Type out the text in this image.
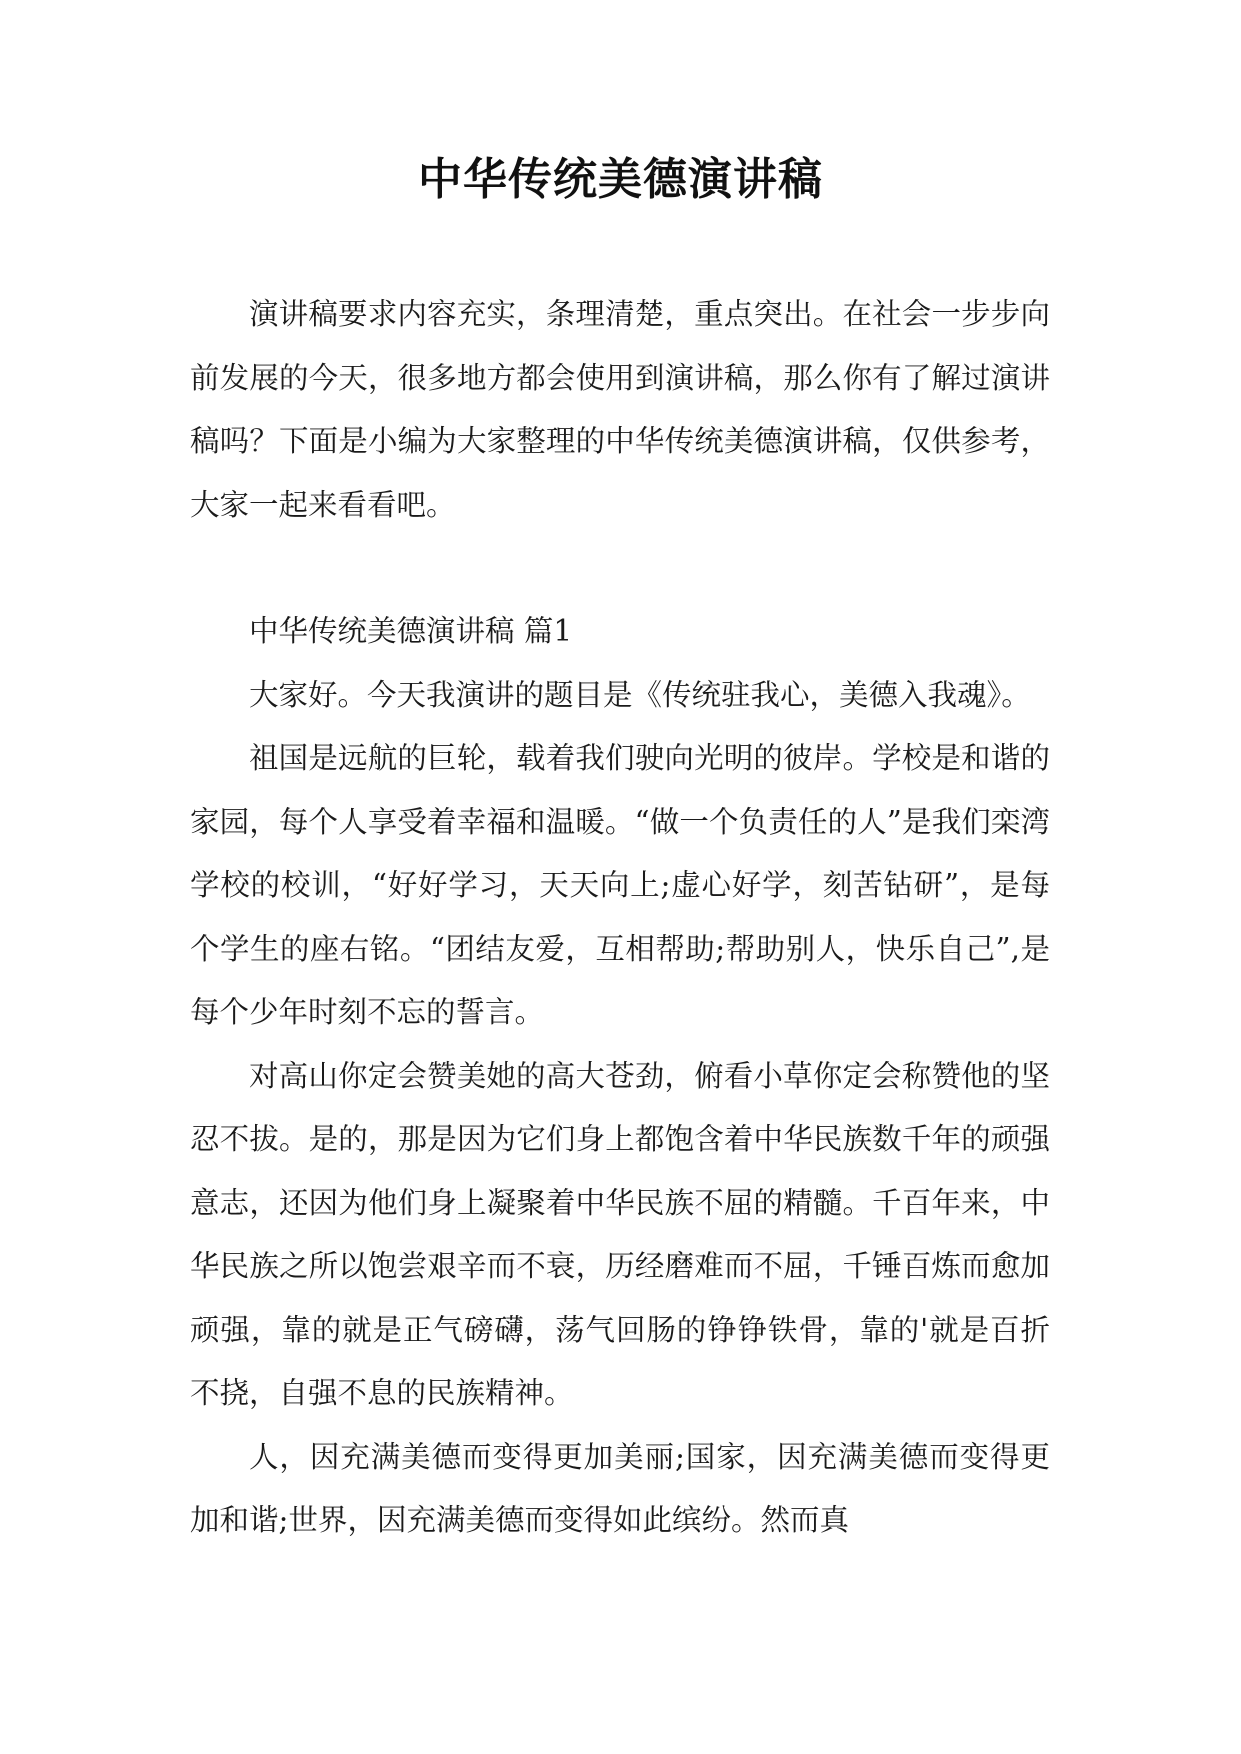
中华传统美德演讲稿

演讲稿要求内容充实，条理清楚，重点突出。在社会一步步向前发展的今天，很多地方都会使用到演讲稿，那么你有了解过演讲稿吗？下面是小编为大家整理的中华传统美德演讲稿，仅供参考，大家一起来看看吧。

中华传统美德演讲稿 篇1

大家好。今天我演讲的题目是《传统驻我心，美德入我魂》。

祖国是远航的巨轮，载着我们驶向光明的彼岸。学校是和谐的家园，每个人享受着幸福和温暖。“做一个负责任的人”是我们栾湾学校的校训，“好好学习，天天向上;虚心好学，刻苦钻研”，是每个学生的座右铭。“团结友爱，互相帮助;帮助别人，快乐自己”,是每个少年时刻不忘的誓言。

对高山你定会赞美她的高大苍劲，俯看小草你定会称赞他的坚忍不拔。是的，那是因为它们身上都饱含着中华民族数千年的顽强意志，还因为他们身上凝聚着中华民族不屈的精髓。千百年来，中华民族之所以饱尝艰辛而不衰，历经磨难而不屈，千锤百炼而愈加顽强，靠的就是正气磅礴，荡气回肠的铮铮铁骨，靠的'就是百折不挠，自强不息的民族精神。

人，因充满美德而变得更加美丽;国家，因充满美德而变得更加和谐;世界，因充满美德而变得如此缤纷。然而真
